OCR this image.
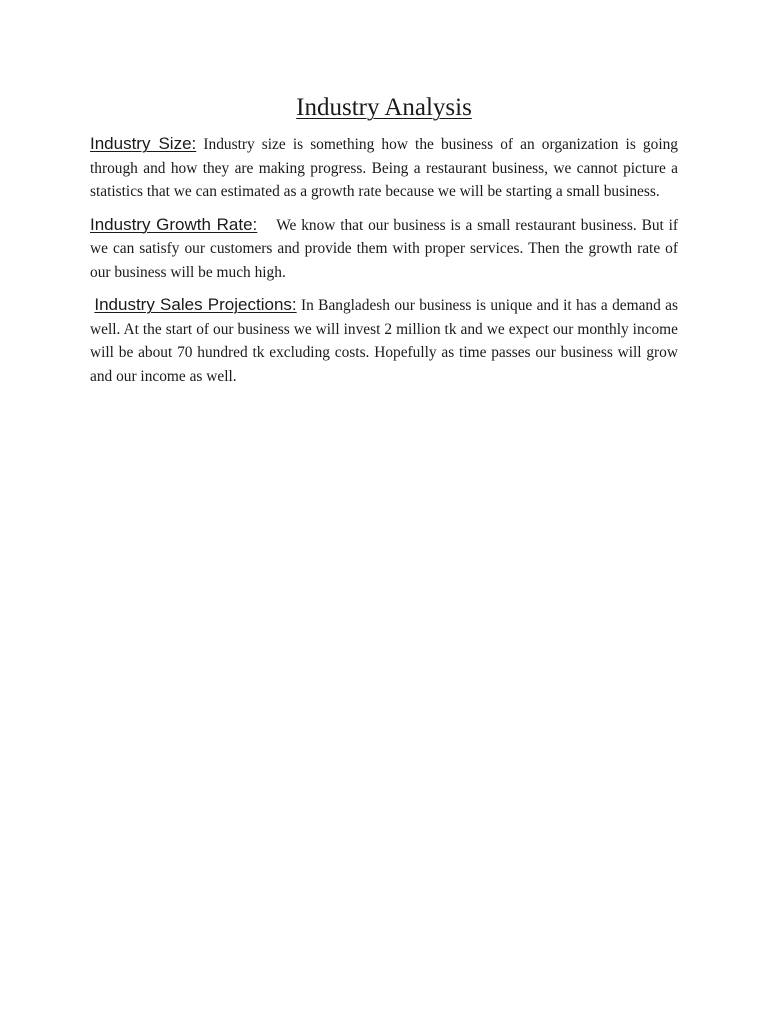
Industry Analysis

Industry Size: Industry size is something how the business of an organization is going through and how they are making progress. Being a restaurant business, we cannot picture a statistics that we can estimated as a growth rate because we will be starting a small business.

Industry Growth Rate: We know that our business is a small restaurant business. But if we can satisfy our customers and provide them with proper services. Then the growth rate of our business will be much high.

Industry Sales Projections: In Bangladesh our business is unique and it has a demand as well. At the start of our business we will invest 2 million tk and we expect our monthly income will be about 70 hundred tk excluding costs. Hopefully as time passes our business will grow and our income as well.
